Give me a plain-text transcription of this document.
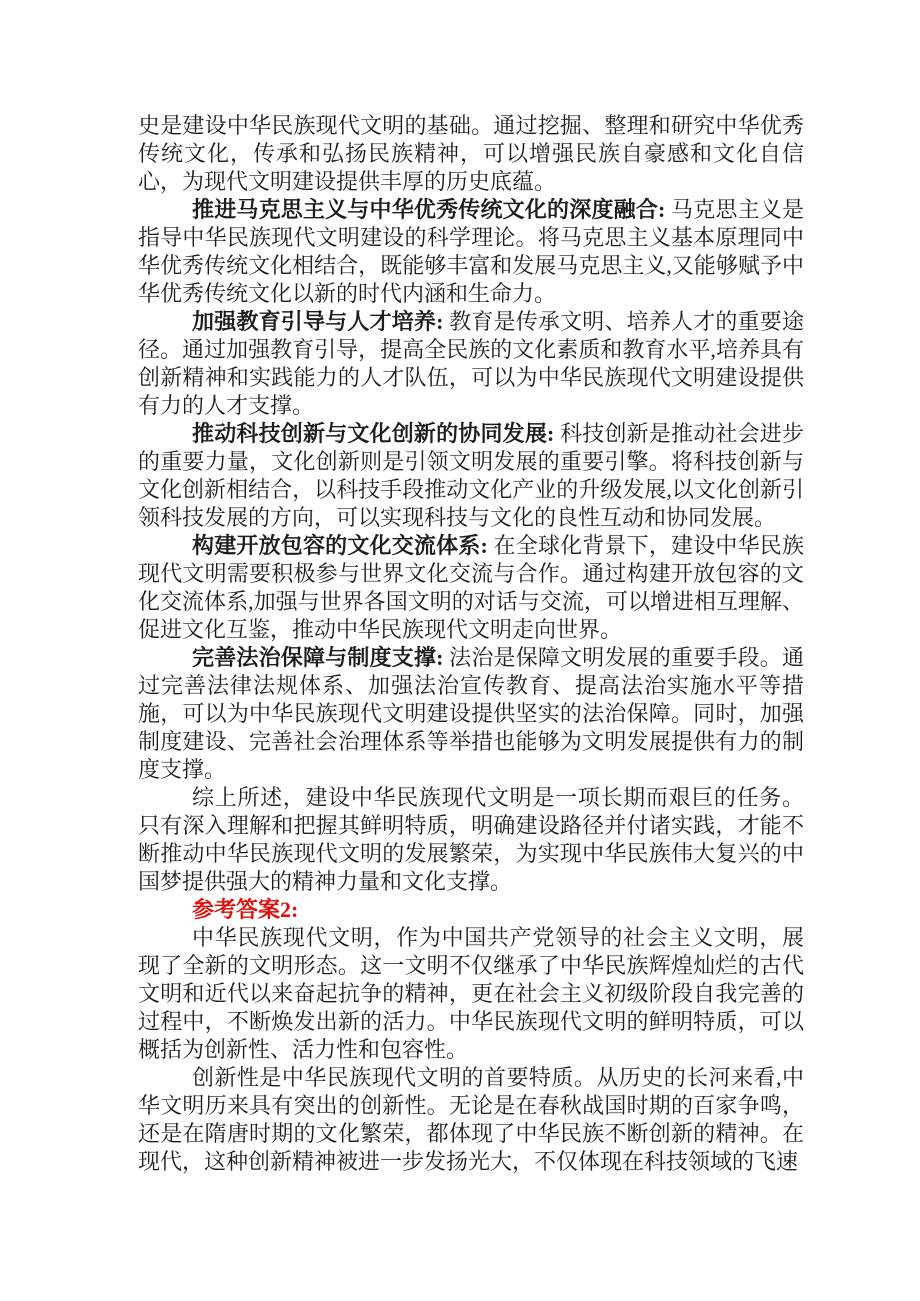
史是建设中华民族现代文明的基础。通过挖掘、整理和研究中华优秀传统文化，传承和弘扬民族精神，可以增强民族自豪感和文化自信心，为现代文明建设提供丰厚的历史底蕴。

推进马克思主义与中华优秀传统文化的深度融合: 马克思主义是指导中华民族现代文明建设的科学理论。将马克思主义基本原理同中华优秀传统文化相结合，既能够丰富和发展马克思主义,又能够赋予中华优秀传统文化以新的时代内涵和生命力。

加强教育引导与人才培养: 教育是传承文明、培养人才的重要途径。通过加强教育引导，提高全民族的文化素质和教育水平,培养具有创新精神和实践能力的人才队伍，可以为中华民族现代文明建设提供有力的人才支撑。

推动科技创新与文化创新的协同发展: 科技创新是推动社会进步的重要力量，文化创新则是引领文明发展的重要引擎。将科技创新与文化创新相结合，以科技手段推动文化产业的升级发展,以文化创新引领科技发展的方向，可以实现科技与文化的良性互动和协同发展。

构建开放包容的文化交流体系: 在全球化背景下，建设中华民族现代文明需要积极参与世界文化交流与合作。通过构建开放包容的文化交流体系,加强与世界各国文明的对话与交流，可以增进相互理解、促进文化互鉴，推动中华民族现代文明走向世界。

完善法治保障与制度支撑: 法治是保障文明发展的重要手段。通过完善法律法规体系、加强法治宣传教育、提高法治实施水平等措施，可以为中华民族现代文明建设提供坚实的法治保障。同时，加强制度建设、完善社会治理体系等举措也能够为文明发展提供有力的制度支撑。

综上所述，建设中华民族现代文明是一项长期而艰巨的任务。只有深入理解和把握其鲜明特质，明确建设路径并付诸实践，才能不断推动中华民族现代文明的发展繁荣，为实现中华民族伟大复兴的中国梦提供强大的精神力量和文化支撑。

参考答案2:

中华民族现代文明，作为中国共产党领导的社会主义文明，展现了全新的文明形态。这一文明不仅继承了中华民族辉煌灿烂的古代文明和近代以来奋起抗争的精神，更在社会主义初级阶段自我完善的过程中，不断焕发出新的活力。中华民族现代文明的鲜明特质，可以概括为创新性、活力性和包容性。

创新性是中华民族现代文明的首要特质。从历史的长河来看,中华文明历来具有突出的创新性。无论是在春秋战国时期的百家争鸣，还是在隋唐时期的文化繁荣，都体现了中华民族不断创新的精神。在现代，这种创新精神被进一步发扬光大，不仅体现在科技领域的飞速
